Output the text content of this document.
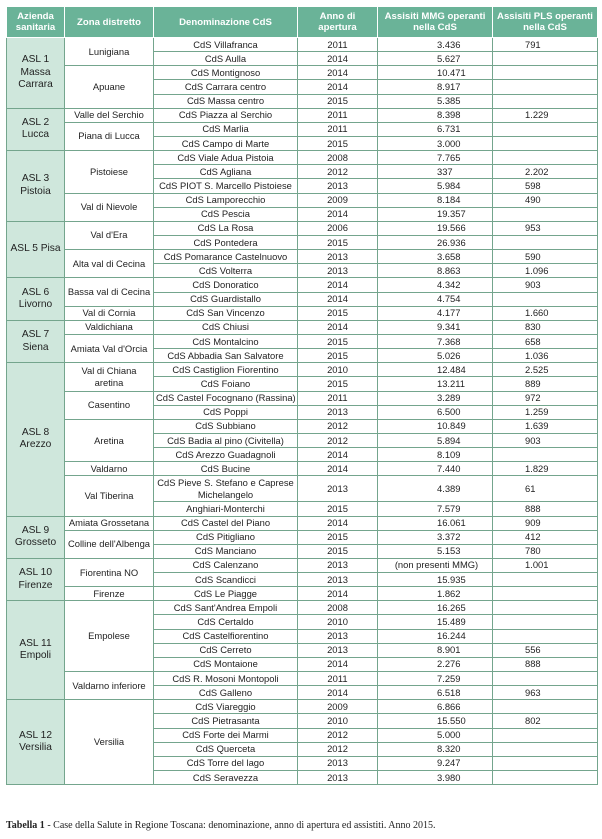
Azienda sanitaria	Zona distretto	Denominazione CdS	Anno di apertura	Assisiti MMG operanti nella CdS	Assisiti PLS operanti nella CdS
ASL 1 Massa Carrara	Lunigiana	CdS Villafranca	2011	3.436	791
		CdS Aulla	2014	5.627	
	Apuane	CdS Montignoso	2014	10.471	
		CdS Carrara centro	2014	8.917	
		CdS Massa centro	2015	5.385	
ASL 2 Lucca	Valle del Serchio	CdS Piazza al Serchio	2011	8.398	1.229
	Piana di Lucca	CdS Marlia	2011	6.731	
		CdS Campo di Marte	2015	3.000	
ASL 3 Pistoia	Pistoiese	CdS Viale Adua Pistoia	2008	7.765	
		CdS Agliana	2012	337	2.202
		CdS PIOT S. Marcello Pistoiese	2013	5.984	598
	Val di Nievole	CdS Lamporecchio	2009	8.184	490
		CdS Pescia	2014	19.357	
ASL 5 Pisa	Val d'Era	CdS La Rosa	2006	19.566	953
		CdS Pontedera	2015	26.936	
	Alta val di Cecina	CdS Pomarance Castelnuovo	2013	3.658	590
		CdS Volterra	2013	8.863	1.096
ASL 6 Livorno	Bassa val di Cecina	CdS Donoratico	2014	4.342	903
		CdS Guardistallo	2014	4.754	
	Val di Cornia	CdS San Vincenzo	2015	4.177	1.660
ASL 7 Siena	Valdichiana	CdS Chiusi	2014	9.341	830
	Amiata Val d'Orcia	CdS Montalcino	2015	7.368	658
		CdS Abbadia San Salvatore	2015	5.026	1.036
ASL 8 Arezzo	Val di Chiana aretina	CdS Castiglion Fiorentino	2010	12.484	2.525
		CdS Foiano	2015	13.211	889
	Casentino	CdS Castel Focognano (Rassina)	2011	3.289	972
		CdS Poppi	2013	6.500	1.259
	Aretina	CdS Subbiano	2012	10.849	1.639
		CdS Badia al pino (Civitella)	2012	5.894	903
		CdS Arezzo Guadagnoli	2014	8.109	
	Valdarno	CdS Bucine	2014	7.440	1.829
	Val Tiberina	CdS Pieve S. Stefano e Caprese Michelangelo	2013	4.389	61
		Anghiari-Monterchi	2015	7.579	888
ASL 9 Grosseto	Amiata Grossetana	CdS Castel del Piano	2014	16.061	909
	Colline dell'Albenga	CdS Pitigliano	2015	3.372	412
		CdS Manciano	2015	5.153	780
ASL 10 Firenze	Fiorentina NO	CdS Calenzano	2013	(non presenti MMG)	1.001
		CdS Scandicci	2013	15.935	
	Firenze	CdS Le Piagge	2014	1.862	
ASL 11 Empoli	Empolese	CdS Sant'Andrea Empoli	2008	16.265	
		CdS Certaldo	2010	15.489	
		CdS Castelfiorentino	2013	16.244	
		CdS Cerreto	2013	8.901	556
		CdS Montaione	2014	2.276	888
	Valdarno inferiore	CdS R. Mosoni Montopoli	2011	7.259	
		CdS Galleno	2014	6.518	963
ASL 12 Versilia	Versilia	CdS Viareggio	2009	6.866	
		CdS Pietrasanta	2010	15.550	802
		CdS Forte dei Marmi	2012	5.000	
		CdS Querceta	2012	8.320	
		CdS Torre del lago	2013	9.247	
		CdS Seravezza	2013	3.980	
Tabella 1 - Case della Salute in Regione Toscana: denominazione, anno di apertura ed assistiti. Anno 2015.
